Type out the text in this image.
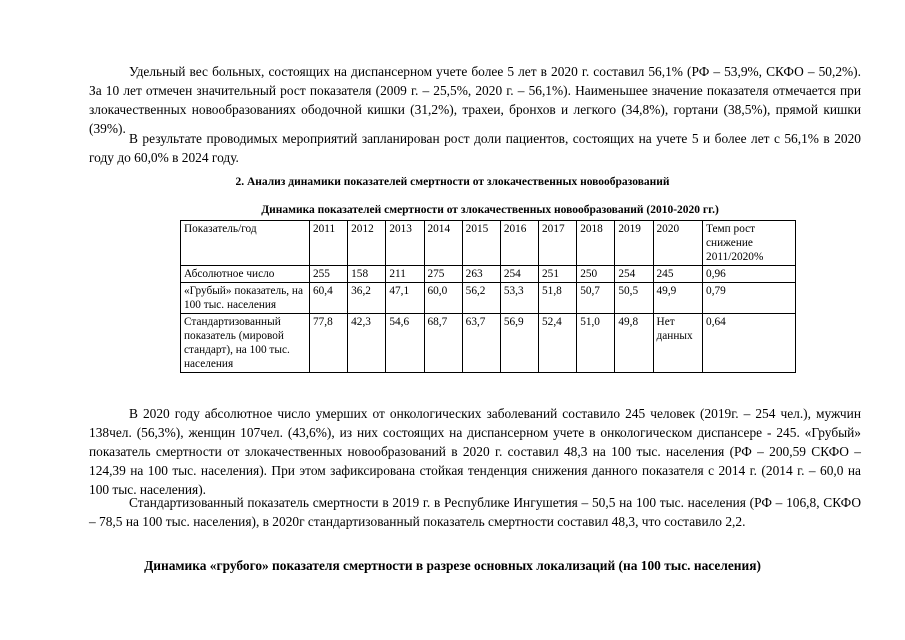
Удельный вес больных, состоящих на диспансерном учете более 5 лет в 2020 г. составил 56,1% (РФ – 53,9%, СКФО – 50,2%). За 10 лет отмечен значительный рост показателя (2009 г. – 25,5%, 2020 г. – 56,1%). Наименьшее значение показателя отмечается при злокачественных новообразованиях ободочной кишки (31,2%), трахеи, бронхов и легкого (34,8%), гортани (38,5%), прямой кишки (39%).

В результате проводимых мероприятий запланирован рост доли пациентов, состоящих на учете 5 и более лет с 56,1% в 2020 году до 60,0% в 2024 году.

2. Анализ динамики показателей смертности от злокачественных новообразований

Динамика показателей смертности от злокачественных новообразований (2010-2020 гг.)

Показатель/год	2011	2012	2013	2014	2015	2016	2017	2018	2019	2020	Темп рост снижение 2011/2020%
Абсолютное число	255	158	211	275	263	254	251	250	254	245	0,96
«Грубый» показатель, на 100 тыс. населения	60,4	36,2	47,1	60,0	56,2	53,3	51,8	50,7	50,5	49,9	0,79
Стандартизованный показатель (мировой стандарт), на 100 тыс. населения	77,8	42,3	54,6	68,7	63,7	56,9	52,4	51,0	49,8	Нет данных	0,64

В 2020 году абсолютное число умерших от онкологических заболеваний составило 245 человек (2019г. – 254 чел.), мужчин 138чел. (56,3%), женщин 107чел. (43,6%), из них состоящих на диспансерном учете в онкологическом диспансере - 245. «Грубый» показатель смертности от злокачественных новообразований в 2020 г. составил 48,3 на 100 тыс. населения (РФ – 200,59 СКФО – 124,39 на 100 тыс. населения). При этом зафиксирована стойкая тенденция снижения данного показателя с 2014 г. (2014 г. – 60,0 на 100 тыс. населения).

Стандартизованный показатель смертности в 2019 г. в Республике Ингушетия – 50,5 на 100 тыс. населения (РФ – 106,8, СКФО – 78,5 на 100 тыс. населения), в 2020г стандартизованный показатель смертности составил 48,3, что составило 2,2.

Динамика «грубого» показателя смертности в разрезе основных локализаций (на 100 тыс. населения)
